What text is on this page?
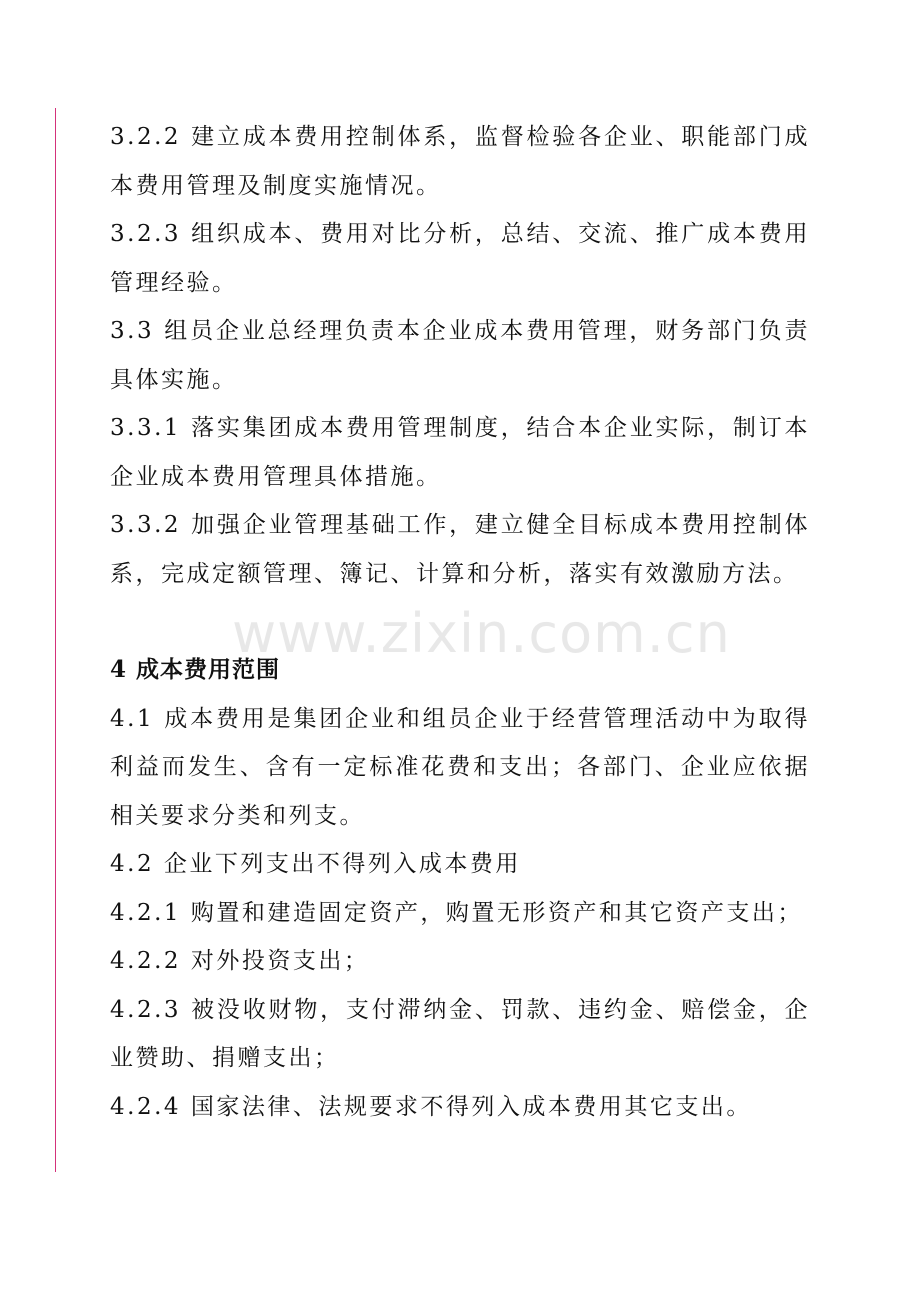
3.2.2 建立成本费用控制体系，监督检验各企业、职能部门成本费用管理及制度实施情况。

3.2.3 组织成本、费用对比分析，总结、交流、推广成本费用管理经验。

3.3 组员企业总经理负责本企业成本费用管理，财务部门负责具体实施。

3.3.1 落实集团成本费用管理制度，结合本企业实际，制订本企业成本费用管理具体措施。

3.3.2 加强企业管理基础工作，建立健全目标成本费用控制体系，完成定额管理、簿记、计算和分析，落实有效激励方法。

4 成本费用范围

4.1 成本费用是集团企业和组员企业于经营管理活动中为取得利益而发生、含有一定标准花费和支出；各部门、企业应依据相关要求分类和列支。

4.2 企业下列支出不得列入成本费用

4.2.1 购置和建造固定资产，购置无形资产和其它资产支出；

4.2.2 对外投资支出；

4.2.3 被没收财物，支付滞纳金、罚款、违约金、赔偿金，企业赞助、捐赠支出；

4.2.4 国家法律、法规要求不得列入成本费用其它支出。

www.zixin.com.cn
